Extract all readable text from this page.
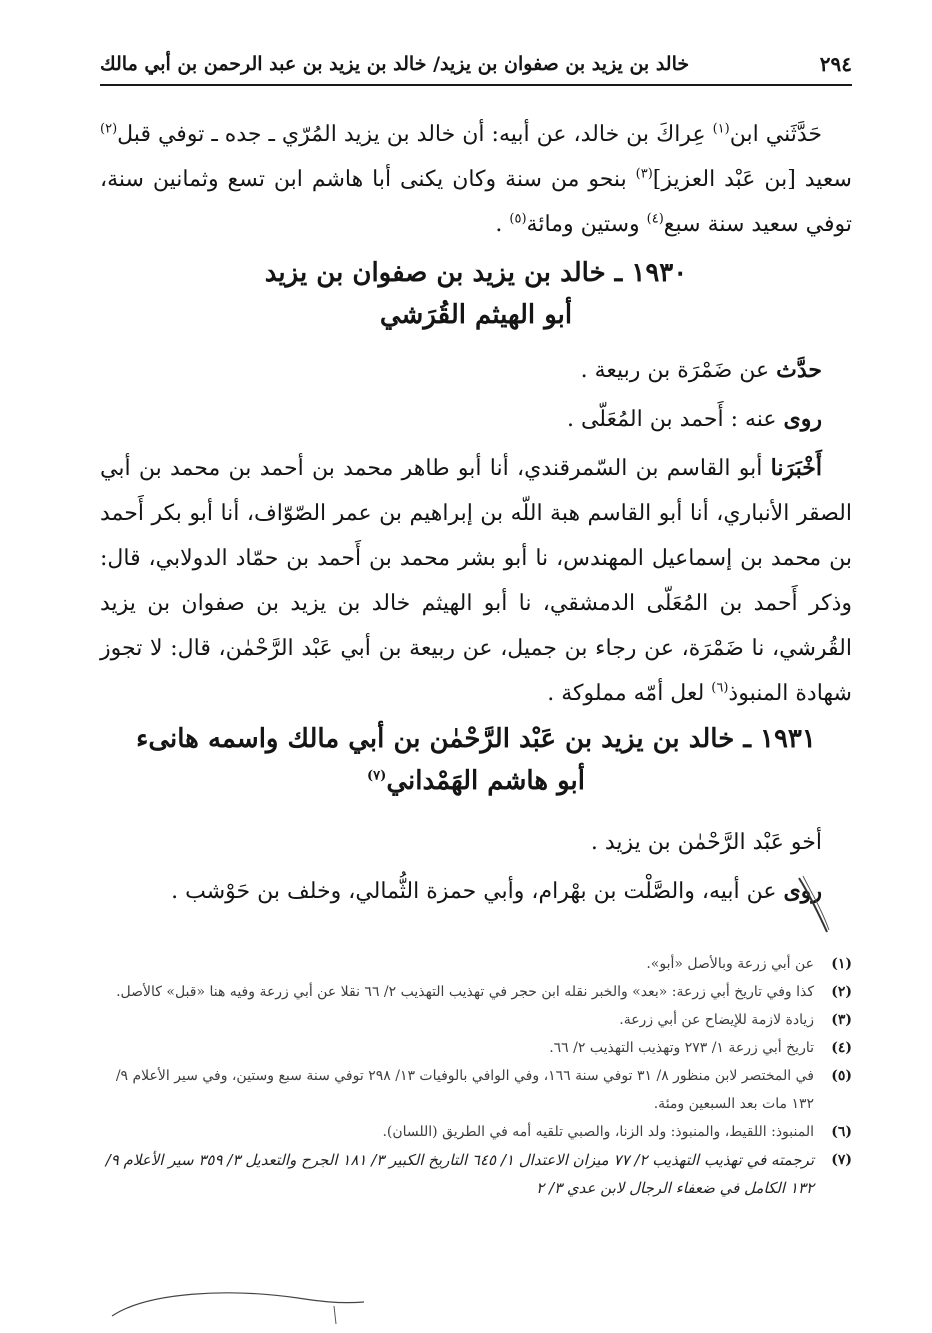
٢٩٤
خالد بن يزيد بن صفوان بن يزيد/ خالد بن يزيد بن عبد الرحمن بن أبي مالك

حَدَّثَني ابن$^{(١)}$ عِراكَ بن خالد، عن أبيه: أن خالد بن يزيد المُرّي ـ جده ـ توفي قبل$^{(٢)}$ سعيد [بن عَبْد العزيز]$^{(٣)}$ بنحو من سنة وكان يكنى أبا هاشم ابن تسع وثمانين سنة، توفي سعيد سنة سبع$^{(٤)}$ وستين ومائة$^{(٥)}$ .

١٩٣٠ ـ خالد بن يزيد بن صفوان بن يزيد

أبو الهيثم القُرَشي

حدَّث عن ضَمْرَة بن ربيعة .

روى عنه : أَحمد بن المُعَلّى .

أَخْبَرَنا أبو القاسم بن السّمرقندي، أنا أبو طاهر محمد بن أحمد بن محمد بن أبي الصقر الأنباري، أنا أبو القاسم هبة اللّه بن إبراهيم بن عمر الصّوّاف، أنا أبو بكر أَحمد بن محمد بن إسماعيل المهندس، نا أبو بشر محمد بن أَحمد بن حمّاد الدولابي، قال: وذكر أَحمد بن المُعَلّى الدمشقي، نا أبو الهيثم خالد بن يزيد بن صفوان بن يزيد القُرشي، نا ضَمْرَة، عن رجاء بن جميل، عن ربيعة بن أبي عَبْد الرَّحْمٰن، قال: لا تجوز شهادة المنبوذ$^{(٦)}$ لعل أمّه مملوكة .

١٩٣١ ـ خالد بن يزيد بن عَبْد الرَّحْمٰن بن أبي مالك واسمه هانىء

أبو هاشم الهَمْداني$^{(٧)}$

أخو عَبْد الرَّحْمٰن بن يزيد .

روى عن أبيه، والصَّلْت بن بهْرام، وأبي حمزة الثُّمالي، وخلف بن حَوْشب .

(١)
عن أبي زرعة وبالأصل «أبو».
(٢)
كذا وفي تاريخ أبي زرعة: «بعد» والخبر نقله ابن حجر في تهذيب التهذيب ٢/ ٦٦ نقلا عن أبي زرعة وفيه هنا «قبل» كالأصل.
(٣)
زيادة لازمة للإيضاح عن أبي زرعة.
(٤)
تاريخ أبي زرعة ١/ ٢٧٣ وتهذيب التهذيب ٢/ ٦٦.
(٥)
في المختصر لابن منظور ٨/ ٣١ توفي سنة ١٦٦، وفي الوافي بالوفيات ١٣/ ٢٩٨ توفي سنة سبع وستين، وفي سير الأعلام ٩/ ١٣٢ مات بعد السبعين ومئة.
(٦)
المنبوذ: اللقيط، والمنبوذ: ولد الزنا، والصبي تلقيه أمه في الطريق (اللسان).
(٧)
ترجمته في تهذيب التهذيب ٢/ ٧٧ ميزان الاعتدال ١/ ٦٤٥ التاريخ الكبير ٣/ ١٨١ الجرح والتعديل ٣/ ٣٥٩ سير الأعلام ٩/ ١٣٢ الكامل في ضعفاء الرجال لابن عدي ٣/ ٢
